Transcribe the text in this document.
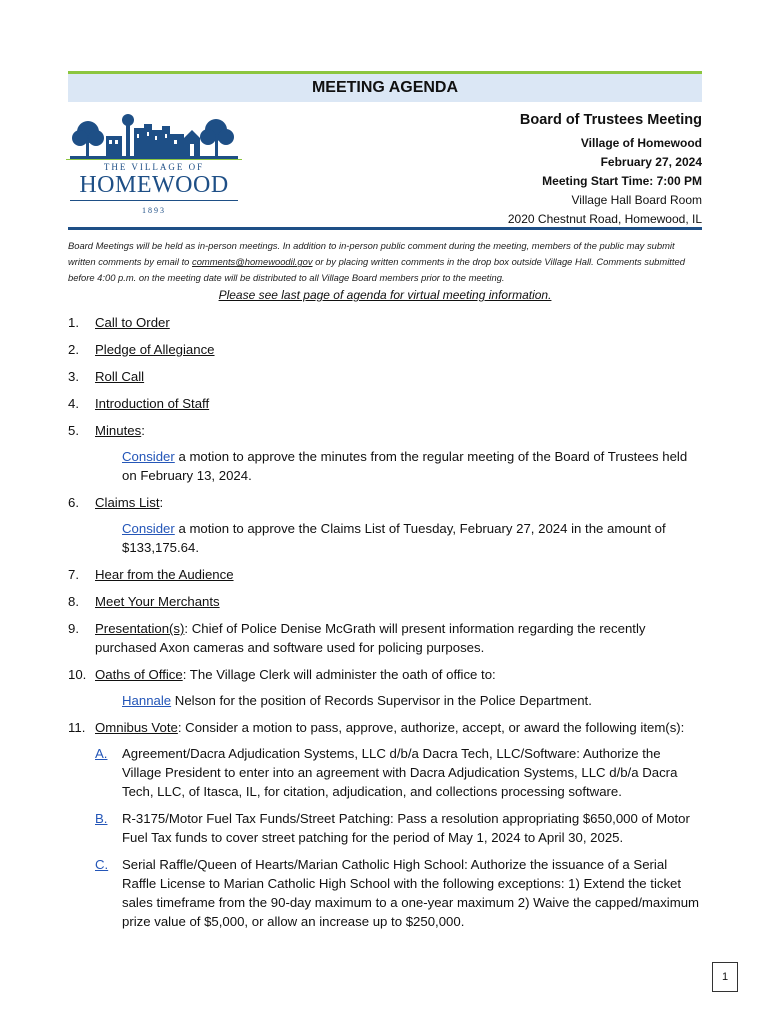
MEETING AGENDA
THE VILLAGE OF
HOMEWOOD
1893
Board of Trustees Meeting
Village of Homewood
February 27, 2024
Meeting Start Time: 7:00 PM
Village Hall Board Room
2020 Chestnut Road, Homewood, IL
Board Meetings will be held as in-person meetings. In addition to in-person public comment during the meeting, members of the public may submit written comments by email to comments@homewoodil.gov or by placing written comments in the drop box outside Village Hall. Comments submitted before 4:00 p.m. on the meeting date will be distributed to all Village Board members prior to the meeting.
Please see last page of agenda for virtual meeting information.
1. Call to Order
2. Pledge of Allegiance
3. Roll Call
4. Introduction of Staff
5. Minutes:
Consider a motion to approve the minutes from the regular meeting of the Board of Trustees held on February 13, 2024.
6. Claims List:
Consider a motion to approve the Claims List of Tuesday, February 27, 2024 in the amount of $133,175.64.
7. Hear from the Audience
8. Meet Your Merchants
9. Presentation(s): Chief of Police Denise McGrath will present information regarding the recently purchased Axon cameras and software used for policing purposes.
10. Oaths of Office: The Village Clerk will administer the oath of office to:
Hannale Nelson for the position of Records Supervisor in the Police Department.
11. Omnibus Vote: Consider a motion to pass, approve, authorize, accept, or award the following item(s):
A. Agreement/Dacra Adjudication Systems, LLC d/b/a Dacra Tech, LLC/Software: Authorize the Village President to enter into an agreement with Dacra Adjudication Systems, LLC d/b/a Dacra Tech, LLC, of Itasca, IL, for citation, adjudication, and collections processing software.
B. R-3175/Motor Fuel Tax Funds/Street Patching: Pass a resolution appropriating $650,000 of Motor Fuel Tax funds to cover street patching for the period of May 1, 2024 to April 30, 2025.
C. Serial Raffle/Queen of Hearts/Marian Catholic High School: Authorize the issuance of a Serial Raffle License to Marian Catholic High School with the following exceptions: 1) Extend the ticket sales timeframe from the 90-day maximum to a one-year maximum 2) Waive the capped/maximum prize value of $5,000, or allow an increase up to $250,000.
1
